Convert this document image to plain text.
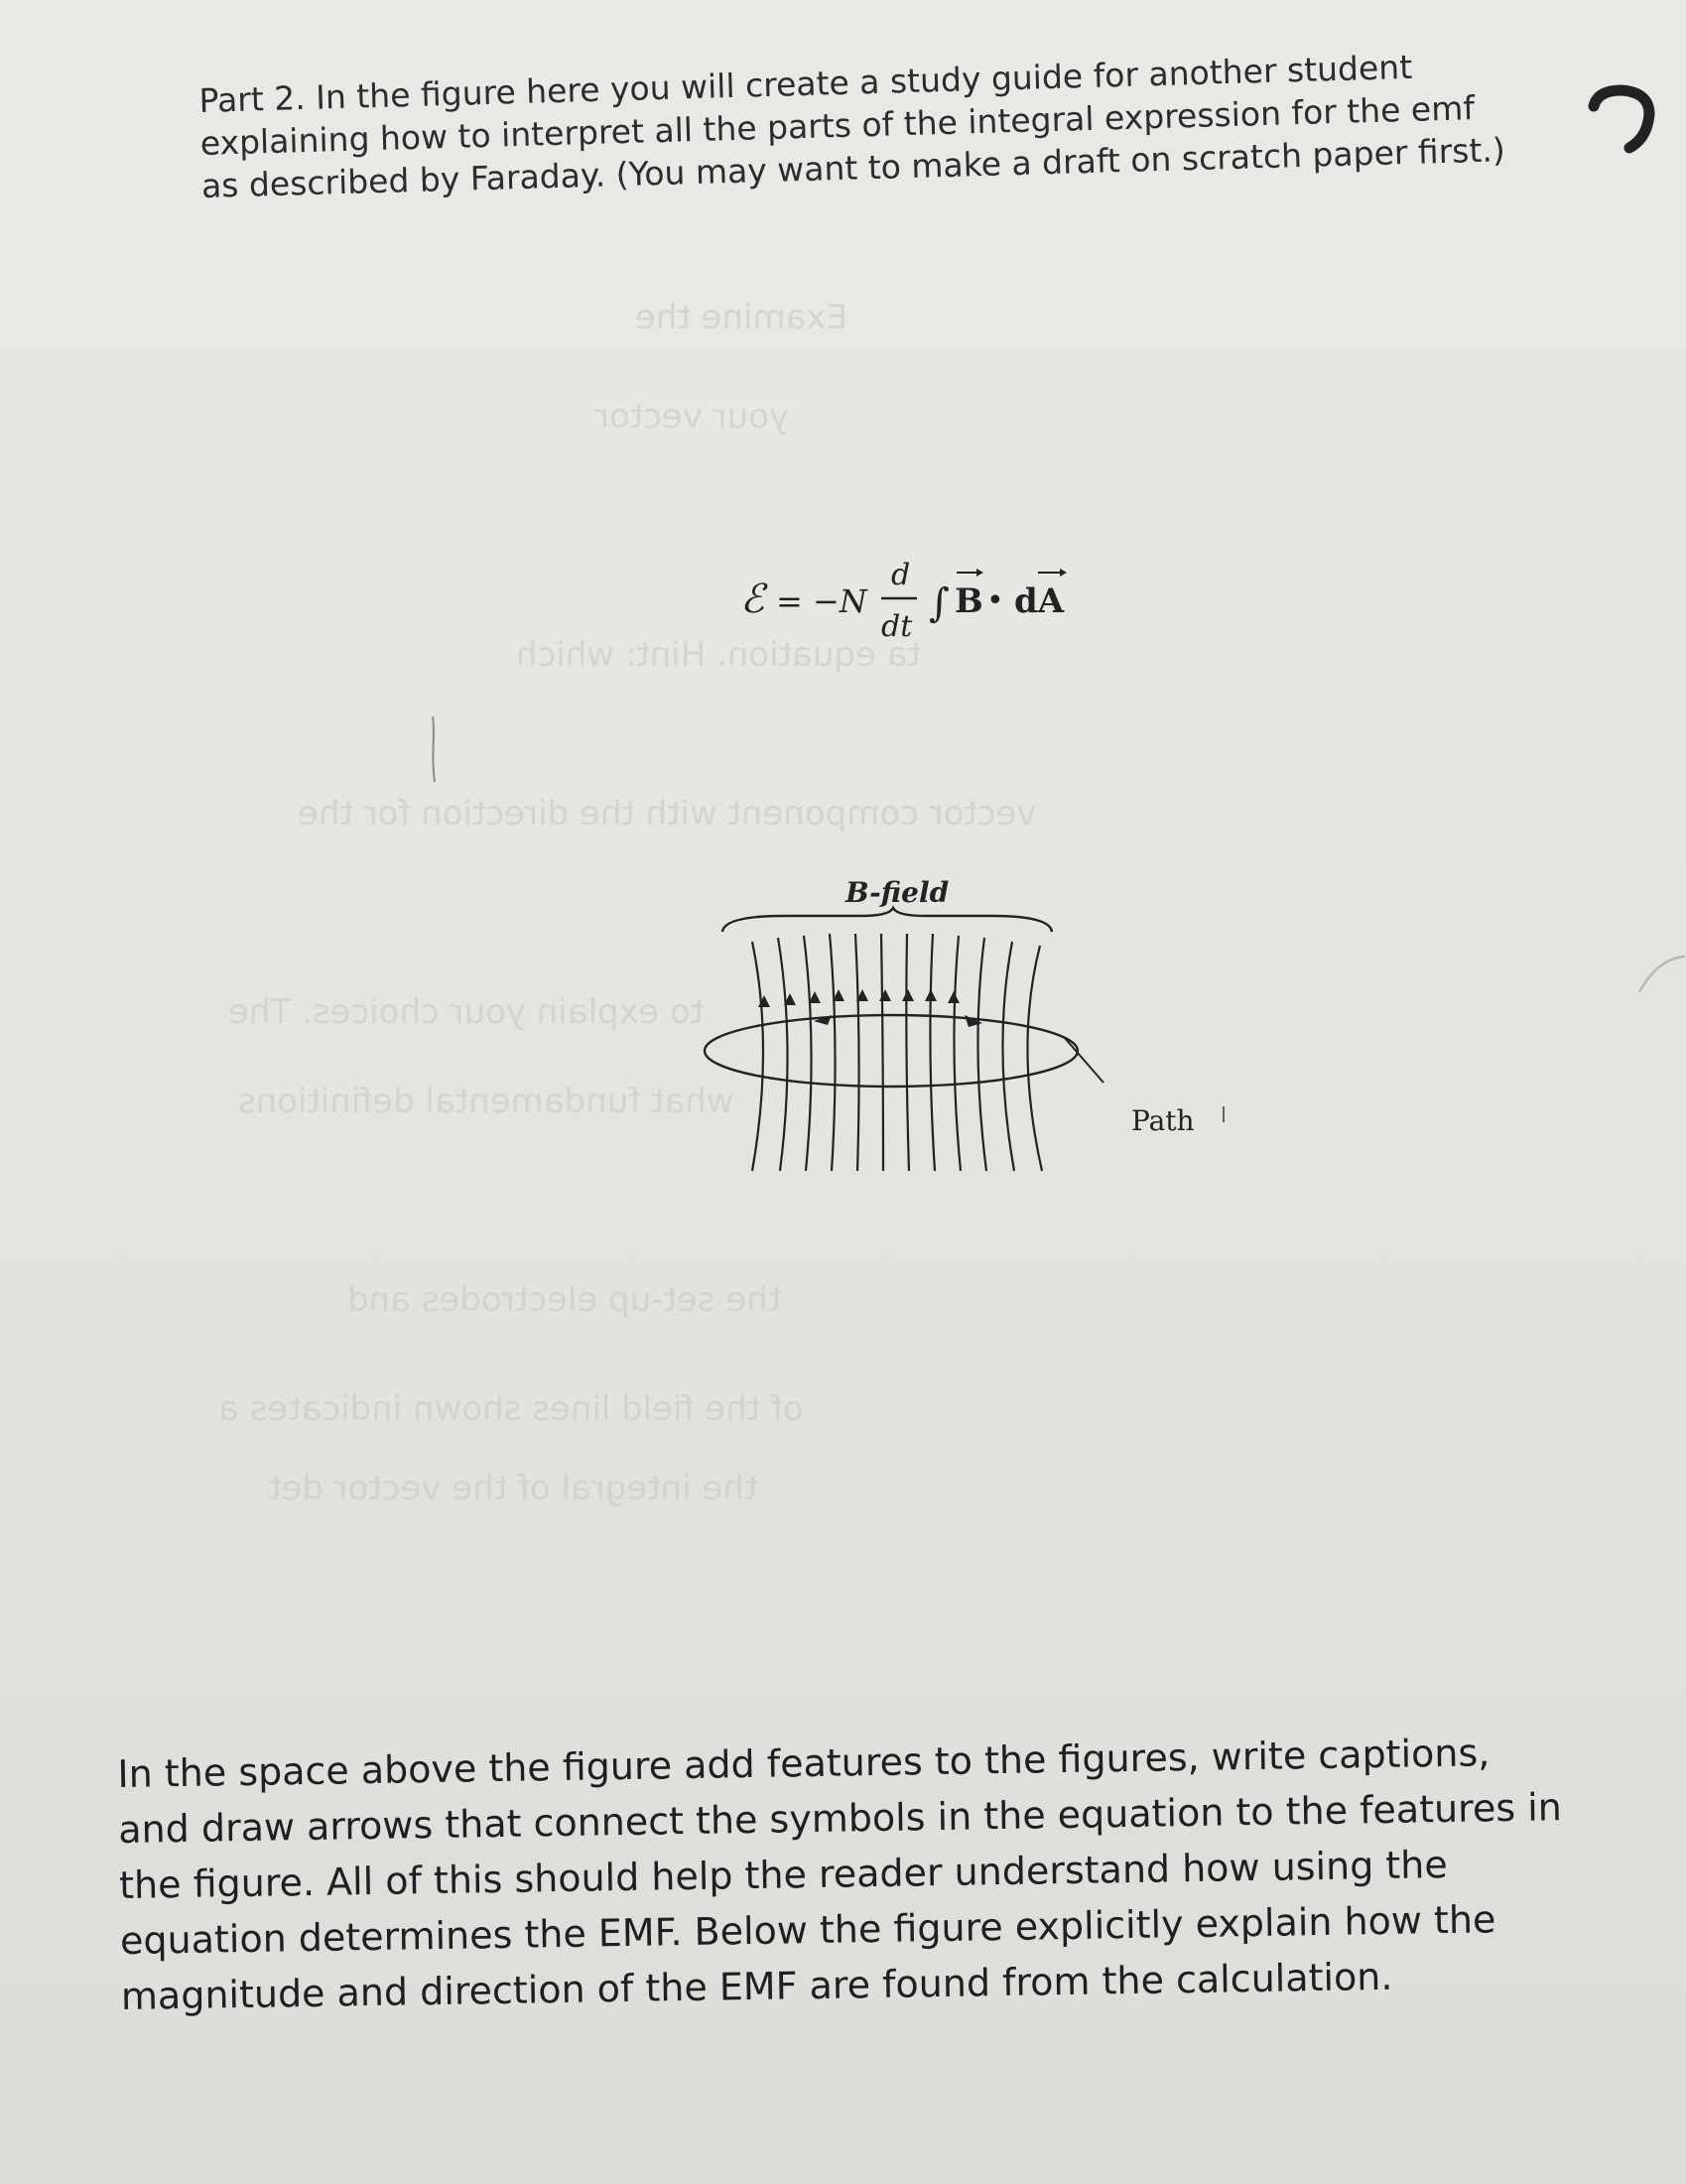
Examine the
your vector
ta equation. Hint: which
vector component with the direction for the
to explain your choices. The
what fundamental definitions
the set-up electrodes and
of the field lines shown indicates a
the integral of the vector det

Part 2. In the figure here you will create a study guide for another student explaining how to interpret all the parts of the integral expression for the emf as described by Faraday. (You may want to make a draft on scratch paper first.)

ℰ = −N
d
dt
∫ B • dA
B-field
Path

In the space above the figure add features to the figures, write captions, and draw arrows that connect the symbols in the equation to the features in the figure. All of this should help the reader understand how using the equation determines the EMF. Below the figure explicitly explain how the magnitude and direction of the EMF are found from the calculation.
